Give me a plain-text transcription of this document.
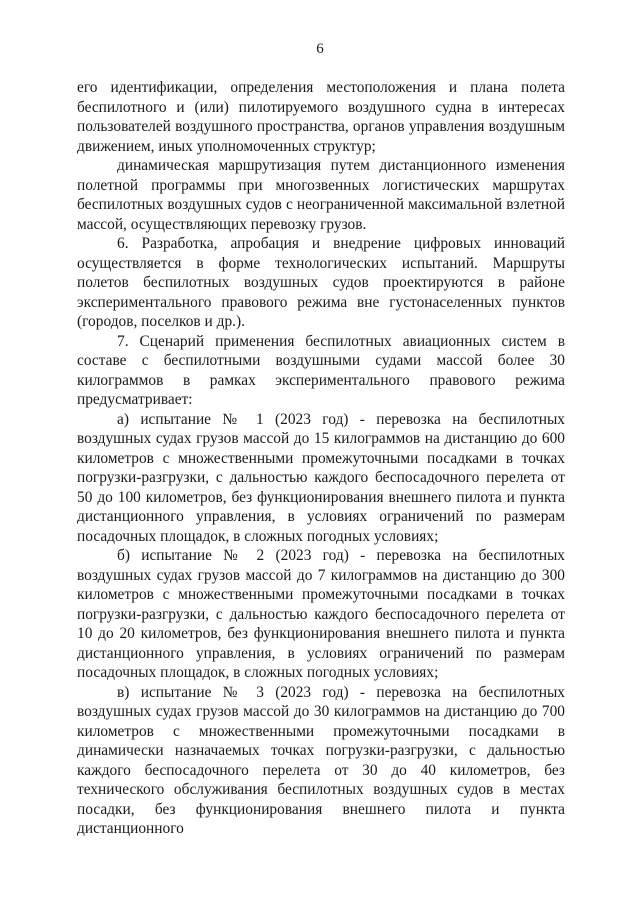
6

его идентификации, определения местоположения и плана полета беспилотного и (или) пилотируемого воздушного судна в интересах пользователей воздушного пространства, органов управления воздушным движением, иных уполномоченных структур;

динамическая маршрутизация путем дистанционного изменения полетной программы при многозвенных логистических маршрутах беспилотных воздушных судов с неограниченной максимальной взлетной массой, осуществляющих перевозку грузов.

6. Разработка, апробация и внедрение цифровых инноваций осуществляется в форме технологических испытаний. Маршруты полетов беспилотных воздушных судов проектируются в районе экспериментального правового режима вне густонаселенных пунктов (городов, поселков и др.).

7. Сценарий применения беспилотных авиационных систем в составе с беспилотными воздушными судами массой более 30 килограммов в рамках экспериментального правового режима предусматривает:

а) испытание № 1 (2023 год) - перевозка на беспилотных воздушных судах грузов массой до 15 килограммов на дистанцию до 600 километров с множественными промежуточными посадками в точках погрузки-разгрузки, с дальностью каждого беспосадочного перелета от 50 до 100 километров, без функционирования внешнего пилота и пункта дистанционного управления, в условиях ограничений по размерам посадочных площадок, в сложных погодных условиях;

б) испытание № 2 (2023 год) - перевозка на беспилотных воздушных судах грузов массой до 7 килограммов на дистанцию до 300 километров с множественными промежуточными посадками в точках погрузки-разгрузки, с дальностью каждого беспосадочного перелета от 10 до 20 километров, без функционирования внешнего пилота и пункта дистанционного управления, в условиях ограничений по размерам посадочных площадок, в сложных погодных условиях;

в) испытание № 3 (2023 год) - перевозка на беспилотных воздушных судах грузов массой до 30 килограммов на дистанцию до 700 километров с множественными промежуточными посадками в динамически назначаемых точках погрузки-разгрузки, с дальностью каждого беспосадочного перелета от 30 до 40 километров, без технического обслуживания беспилотных воздушных судов в местах посадки, без функционирования внешнего пилота и пункта дистанционного
